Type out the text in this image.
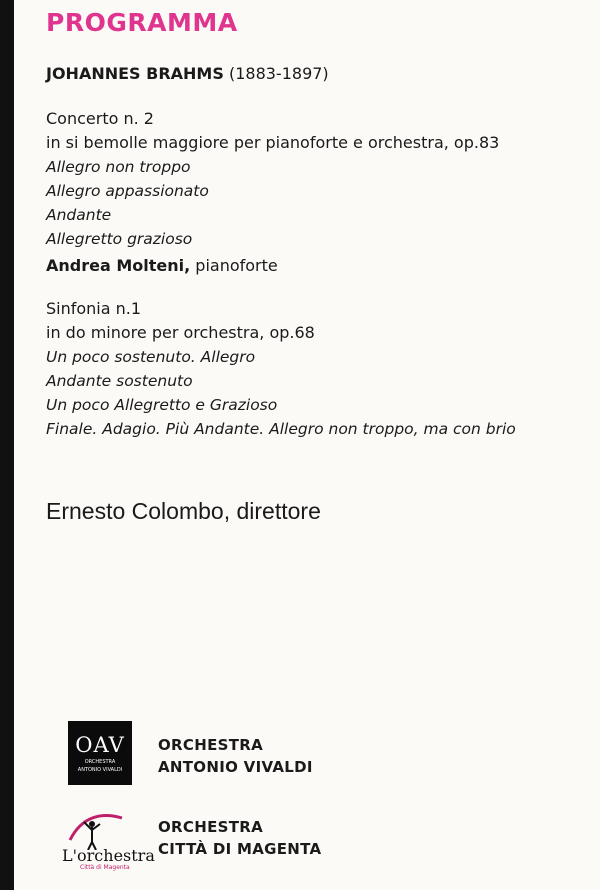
PROGRAMMA
JOHANNES BRAHMS (1883-1897)
Concerto n. 2
in si bemolle maggiore per pianoforte e orchestra, op.83
Allegro non troppo
Allegro appassionato
Andante
Allegretto grazioso
Andrea Molteni, pianoforte
Sinfonia n.1
in do minore per orchestra, op.68
Un poco sostenuto. Allegro
Andante sostenuto
Un poco Allegretto e Grazioso
Finale. Adagio. Più Andante. Allegro non troppo, ma con brio
Ernesto Colombo, direttore
OAV
ORCHESTRA
ANTONIO VIVALDI
ORCHESTRA
ANTONIO VIVALDI
L'orchestra
Città di Magenta
ORCHESTRA
CITTÀ DI MAGENTA
